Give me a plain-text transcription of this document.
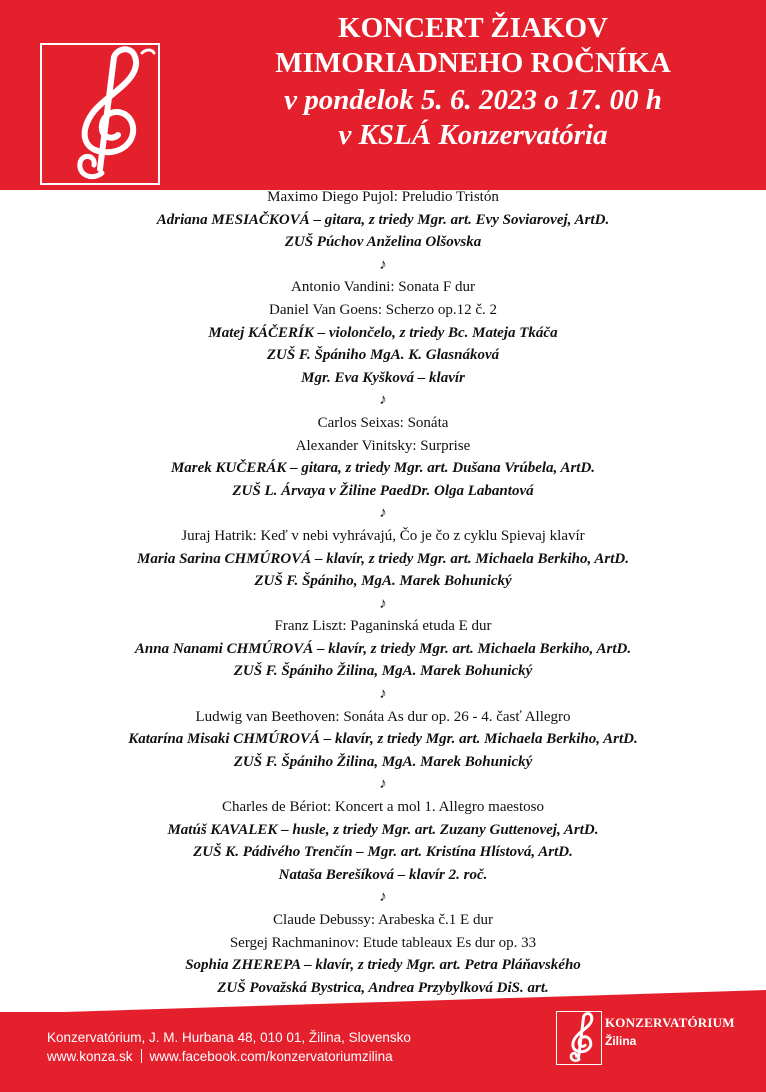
KONCERT ŽIAKOV
MIMORIADNEHO ROČNÍKA
v pondelok 5. 6. 2023 o 17. 00 h
v KSLÁ Konzervatória
Maximo Diego Pujol: Preludio Tristón
Adriana MESIAČKOVÁ – gitara, z triedy Mgr. art. Evy Soviarovej, ArtD.
ZUŠ Púchov Anželina Olšovska
♪
Antonio Vandini: Sonata F dur
Daniel Van Goens: Scherzo op.12 č. 2
Matej KÁČERÍK – violončelo, z triedy Bc. Mateja Tkáča
ZUŠ F. Špániho MgA. K. Glasnáková
Mgr. Eva Kyšková – klavír
♪
Carlos Seixas: Sonáta
Alexander Vinitsky: Surprise
Marek KUČERÁK – gitara, z triedy Mgr. art. Dušana Vrúbela, ArtD.
ZUŠ L. Árvaya v Žiline PaedDr. Olga Labantová
♪
Juraj Hatrik: Keď v nebi vyhrávajú, Čo je čo z cyklu Spievaj klavír
Maria Sarina CHMÚROVÁ – klavír, z triedy Mgr. art. Michaela Berkiho, ArtD.
ZUŠ F. Špániho, MgA. Marek Bohunický
♪
Franz Liszt: Paganinská etuda E dur
Anna Nanami CHMÚROVÁ – klavír, z triedy Mgr. art. Michaela Berkiho, ArtD.
ZUŠ F. Špániho Žilina, MgA. Marek Bohunický
♪
Ludwig van Beethoven: Sonáta As dur op. 26 - 4. časť Allegro
Katarína Misaki CHMÚROVÁ – klavír, z triedy Mgr. art. Michaela Berkiho, ArtD.
ZUŠ F. Špániho Žilina, MgA. Marek Bohunický
♪
Charles de Bériot: Koncert a mol 1. Allegro maestoso
Matúš KAVALEK – husle, z triedy Mgr. art. Zuzany Guttenovej, ArtD.
ZUŠ K. Pádivého Trenčín – Mgr. art. Kristína Hlístová, ArtD.
Nataša Berešíková – klavír 2. roč.
♪
Claude Debussy: Arabeska č.1 E dur
Sergej Rachmaninov: Etude tableaux Es dur op. 33
Sophia ZHEREPA – klavír, z triedy Mgr. art. Petra Pláňavského
ZUŠ Považská Bystrica, Andrea Przybylková DiS. art.
Konzervatórium, J. M. Hurbana 48, 010 01, Žilina, Slovensko
www.konza.sk www.facebook.com/konzervatoriumzilina
KONZERVATÓRIUM
Žilina
